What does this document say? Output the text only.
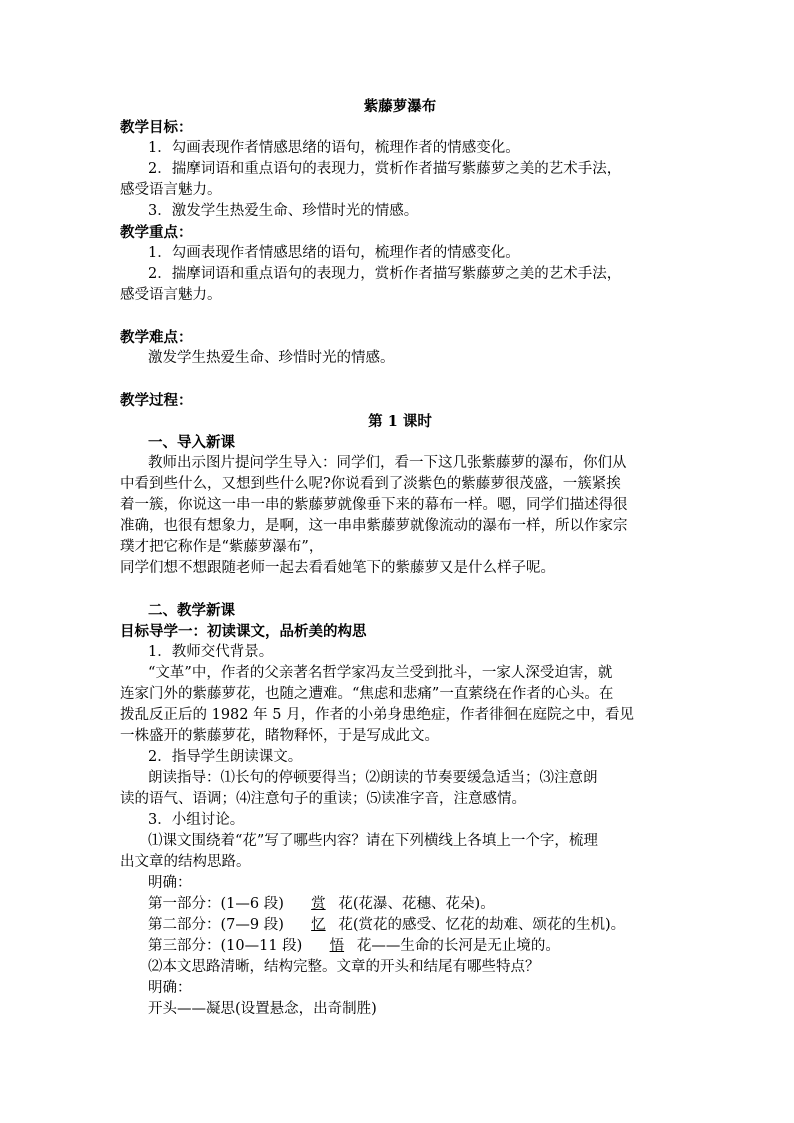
紫藤萝瀑布
教学目标：
1．勾画表现作者情感思绪的语句，梳理作者的情感变化。
2．揣摩词语和重点语句的表现力，赏析作者描写紫藤萝之美的艺术手法，
感受语言魅力。
3．激发学生热爱生命、珍惜时光的情感。
教学重点：
1．勾画表现作者情感思绪的语句，梳理作者的情感变化。
2．揣摩词语和重点语句的表现力，赏析作者描写紫藤萝之美的艺术手法，
感受语言魅力。
教学难点：
激发学生热爱生命、珍惜时光的情感。
教学过程：
第 1 课时
一、导入新课
教师出示图片提问学生导入：同学们，看一下这几张紫藤萝的瀑布，你们从
中看到些什么，又想到些什么呢?你说看到了淡紫色的紫藤萝很茂盛，一簇紧挨
着一簇，你说这一串一串的紫藤萝就像垂下来的幕布一样。嗯，同学们描述得很
准确，也很有想象力，是啊，这一串串紫藤萝就像流动的瀑布一样，所以作家宗
璞才把它称作是“紫藤萝瀑布”，
同学们想不想跟随老师一起去看看她笔下的紫藤萝又是什么样子呢。
二、教学新课
目标导学一：初读课文，品析美的构思
1．教师交代背景。
“文革”中，作者的父亲著名哲学家冯友兰受到批斗，一家人深受迫害，就
连家门外的紫藤萝花，也随之遭难。“焦虑和悲痛”一直萦绕在作者的心头。在
拨乱反正后的 1982 年 5 月，作者的小弟身患绝症，作者徘徊在庭院之中，看见
一株盛开的紫藤萝花，睹物释怀，于是写成此文。
2．指导学生朗读课文。
朗读指导：⑴长句的停顿要得当；⑵朗读的节奏要缓急适当；⑶注意朗
读的语气、语调；⑷注意句子的重读；⑸读准字音，注意感情。
3．小组讨论。
⑴课文围绕着“花”写了哪些内容？请在下列横线上各填上一个字，梳理
出文章的结构思路。
明确：
第一部分：(1—6 段)　赏 花(花瀑、花穗、花朵)。
第二部分：(7—9 段)　忆 花(赏花的感受、忆花的劫难、颂花的生机)。
第三部分：(10—11 段)　悟 花——生命的长河是无止境的。
⑵本文思路清晰，结构完整。文章的开头和结尾有哪些特点？
明确：
开头——凝思(设置悬念，出奇制胜)
